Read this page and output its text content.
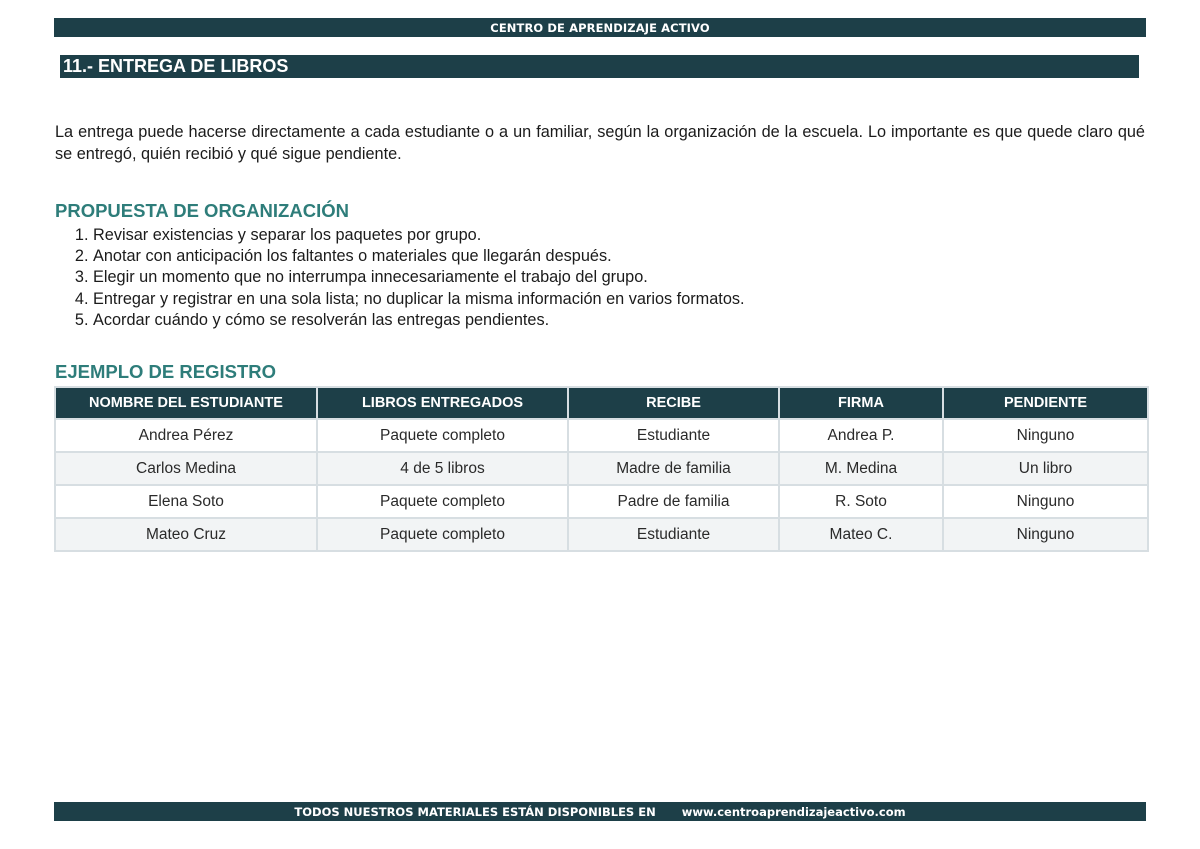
CENTRO DE APRENDIZAJE ACTIVO
11.- ENTREGA DE LIBROS

La entrega puede hacerse directamente a cada estudiante o a un familiar, según la organización de la escuela. Lo importante es que quede claro qué se entregó, quién recibió y qué sigue pendiente.

PROPUESTA DE ORGANIZACIÓN
1. Revisar existencias y separar los paquetes por grupo.
2. Anotar con anticipación los faltantes o materiales que llegarán después.
3. Elegir un momento que no interrumpa innecesariamente el trabajo del grupo.
4. Entregar y registrar en una sola lista; no duplicar la misma información en varios formatos.
5. Acordar cuándo y cómo se resolverán las entregas pendientes.
EJEMPLO DE REGISTRO
NOMBRE DEL ESTUDIANTE	LIBROS ENTREGADOS	RECIBE	FIRMA	PENDIENTE
Andrea Pérez	Paquete completo	Estudiante	Andrea P.	Ninguno
Carlos Medina	4 de 5 libros	Madre de familia	M. Medina	Un libro
Elena Soto	Paquete completo	Padre de familia	R. Soto	Ninguno
Mateo Cruz	Paquete completo	Estudiante	Mateo C.	Ninguno
TODOS NUESTROS MATERIALES ESTÁN DISPONIBLES EN www.centroaprendizajeactivo.com
